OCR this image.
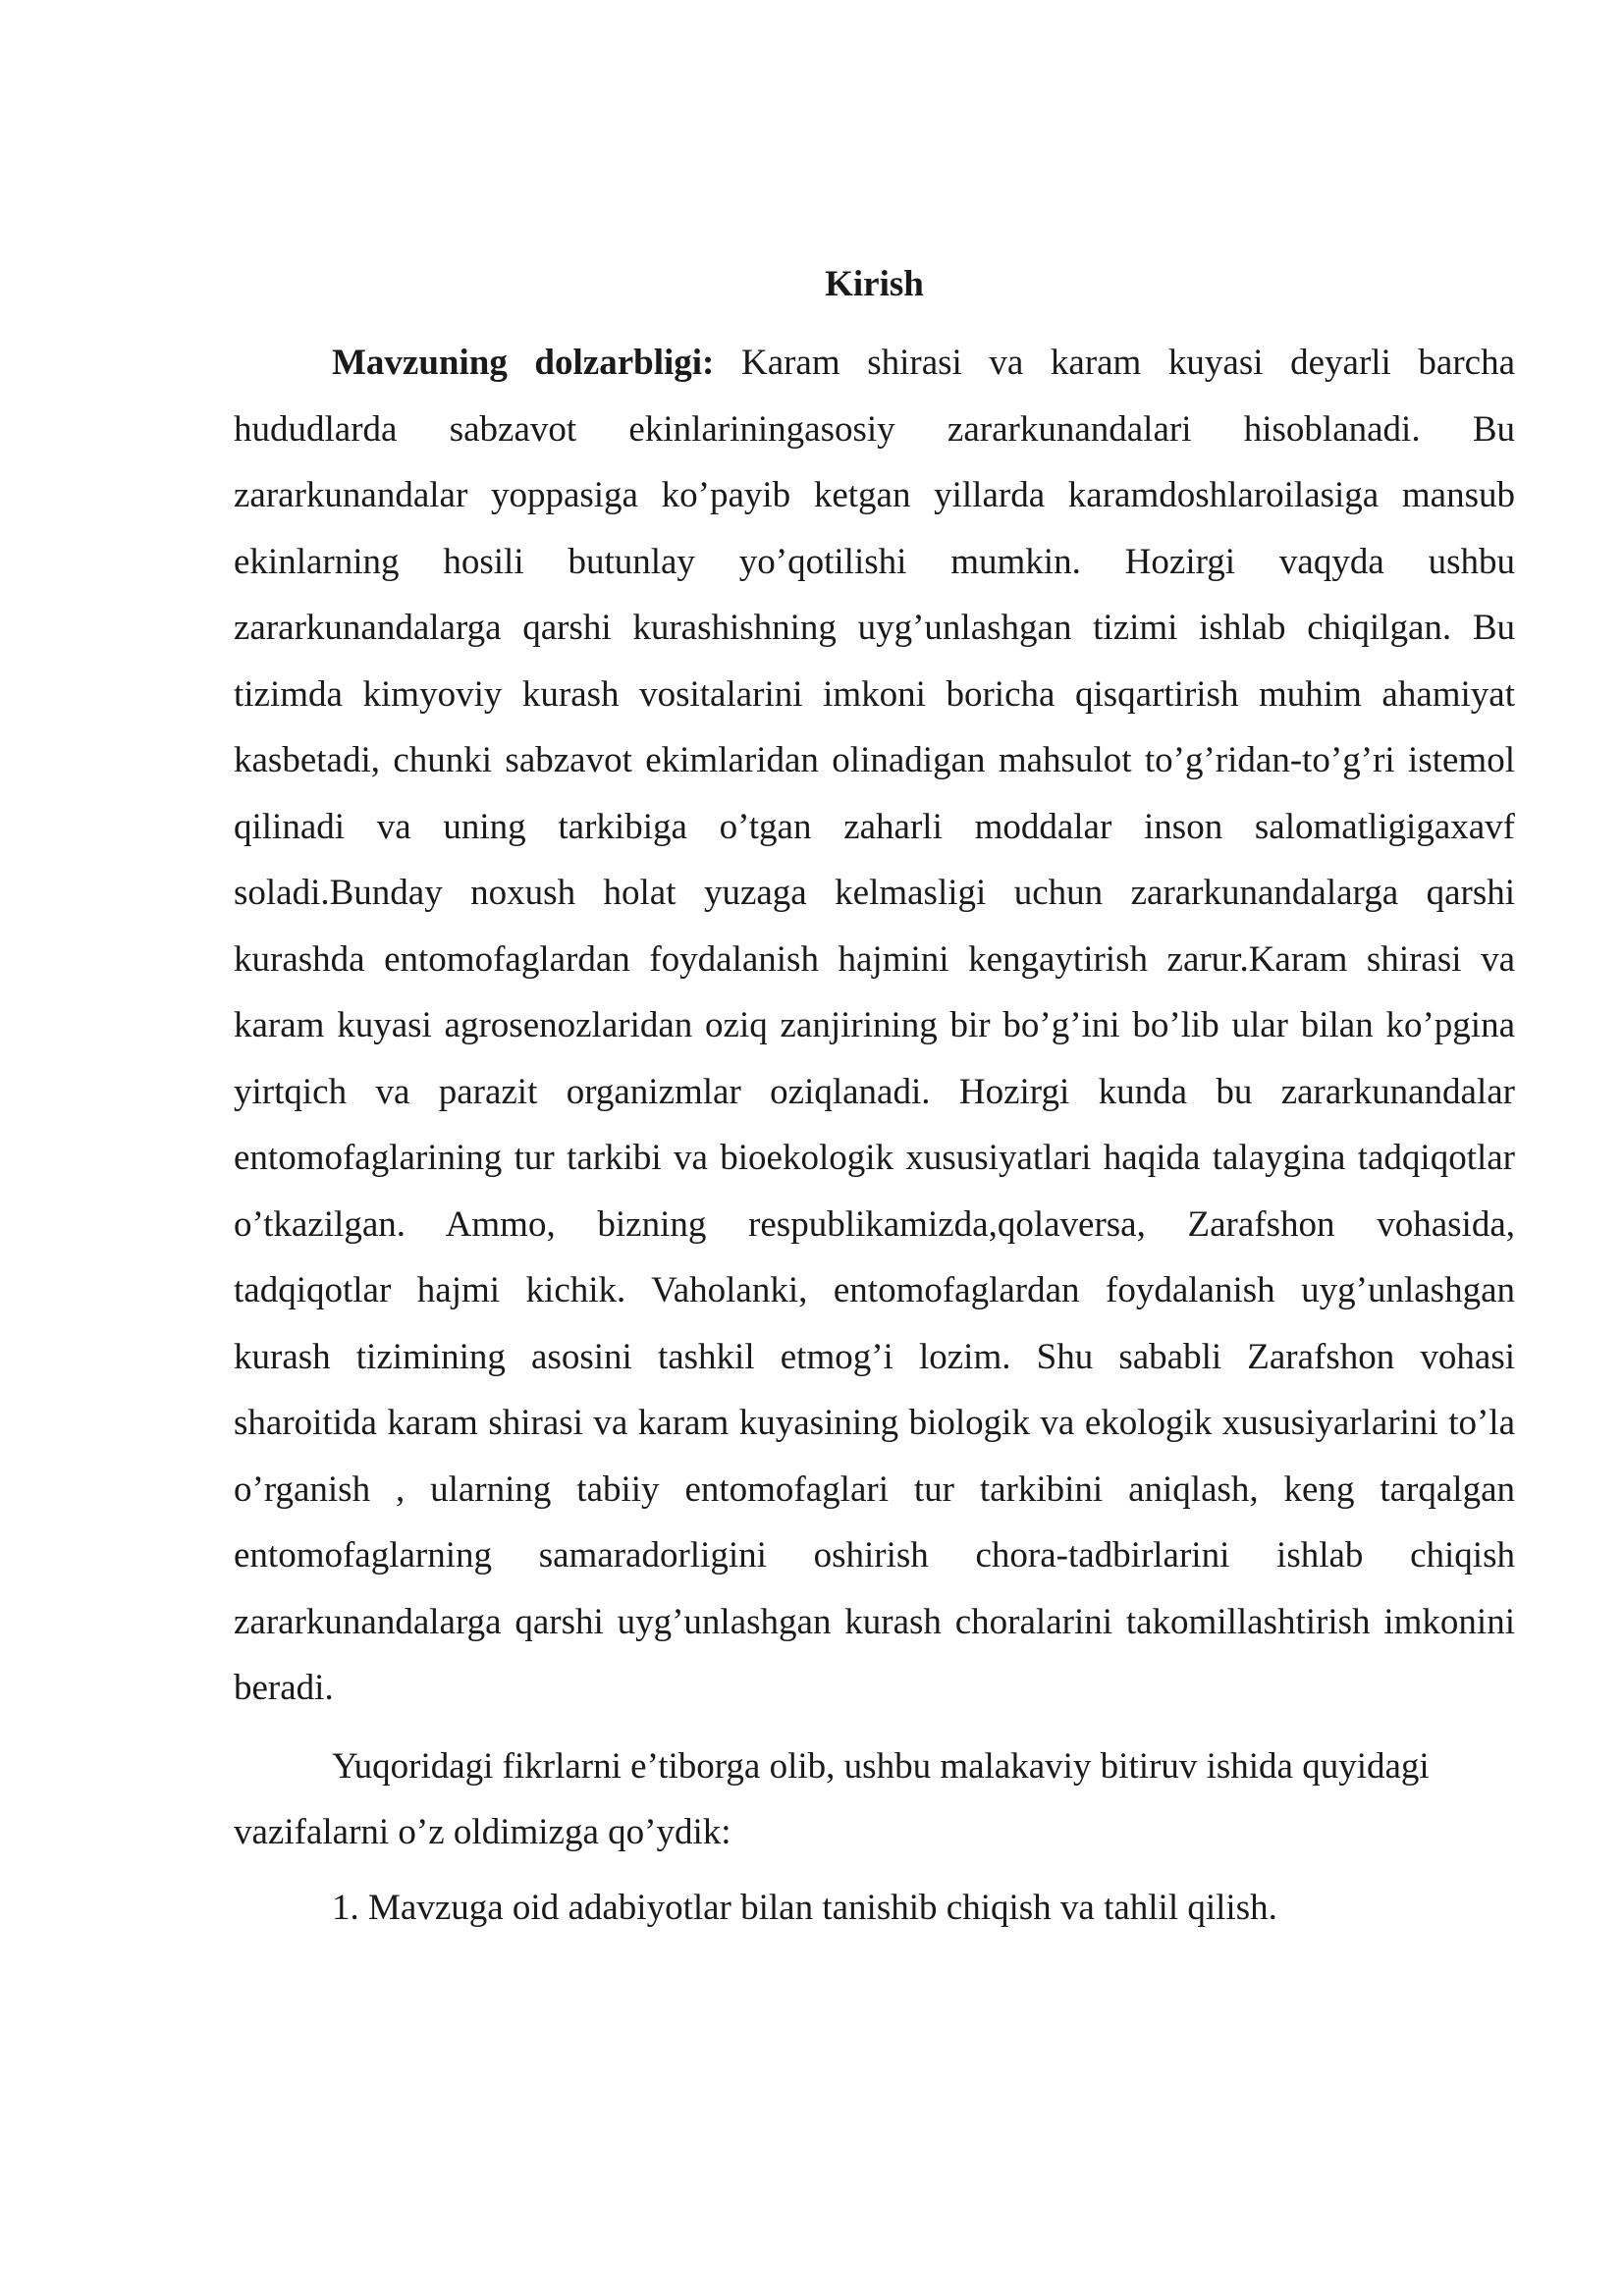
Kirish

Mavzuning dolzarbligi: Karam shirasi va karam kuyasi deyarli barcha hududlarda sabzavot ekinlariningasosiy zararkunandalari hisoblanadi. Bu zararkunandalar yoppasiga ko’payib ketgan yillarda karamdoshlaroilasiga mansub ekinlarning hosili butunlay yo’qotilishi mumkin. Hozirgi vaqyda ushbu zararkunandalarga qarshi kurashishning uyg’unlashgan tizimi ishlab chiqilgan. Bu tizimda kimyoviy kurash vositalarini imkoni boricha qisqartirish muhim ahamiyat kasbetadi, chunki sabzavot ekimlaridan olinadigan mahsulot to’g’ridan-to’g’ri istemol qilinadi va uning tarkibiga o’tgan zaharli moddalar inson salomatligigaxavf soladi.Bunday noxush holat yuzaga kelmasligi uchun zararkunandalarga qarshi kurashda entomofaglardan foydalanish hajmini kengaytirish zarur.Karam shirasi va karam kuyasi agrosenozlaridan oziq zanjirining bir bo’g’ini bo’lib ular bilan ko’pgina yirtqich va parazit organizmlar oziqlanadi. Hozirgi kunda bu zararkunandalar entomofaglarining tur tarkibi va bioekologik xususiyatlari haqida talaygina tadqiqotlar o’tkazilgan. Ammo, bizning respublikamizda,qolaversa, Zarafshon vohasida, tadqiqotlar hajmi kichik. Vaholanki, entomofaglardan foydalanish uyg’unlashgan kurash tizimining asosini tashkil etmog’i lozim. Shu sababli Zarafshon vohasi sharoitida karam shirasi va karam kuyasining biologik va ekologik xususiyarlarini to’la o’rganish , ularning tabiiy entomofaglari tur tarkibini aniqlash, keng tarqalgan entomofaglarning samaradorligini oshirish chora-tadbirlarini ishlab chiqish zararkunandalarga qarshi uyg’unlashgan kurash choralarini takomillashtirish imkonini beradi.

Yuqoridagi fikrlarni e’tiborga olib, ushbu malakaviy bitiruv ishida quyidagi vazifalarni o’z oldimizga qo’ydik:

1. Mavzuga oid adabiyotlar bilan tanishib chiqish va tahlil qilish.
